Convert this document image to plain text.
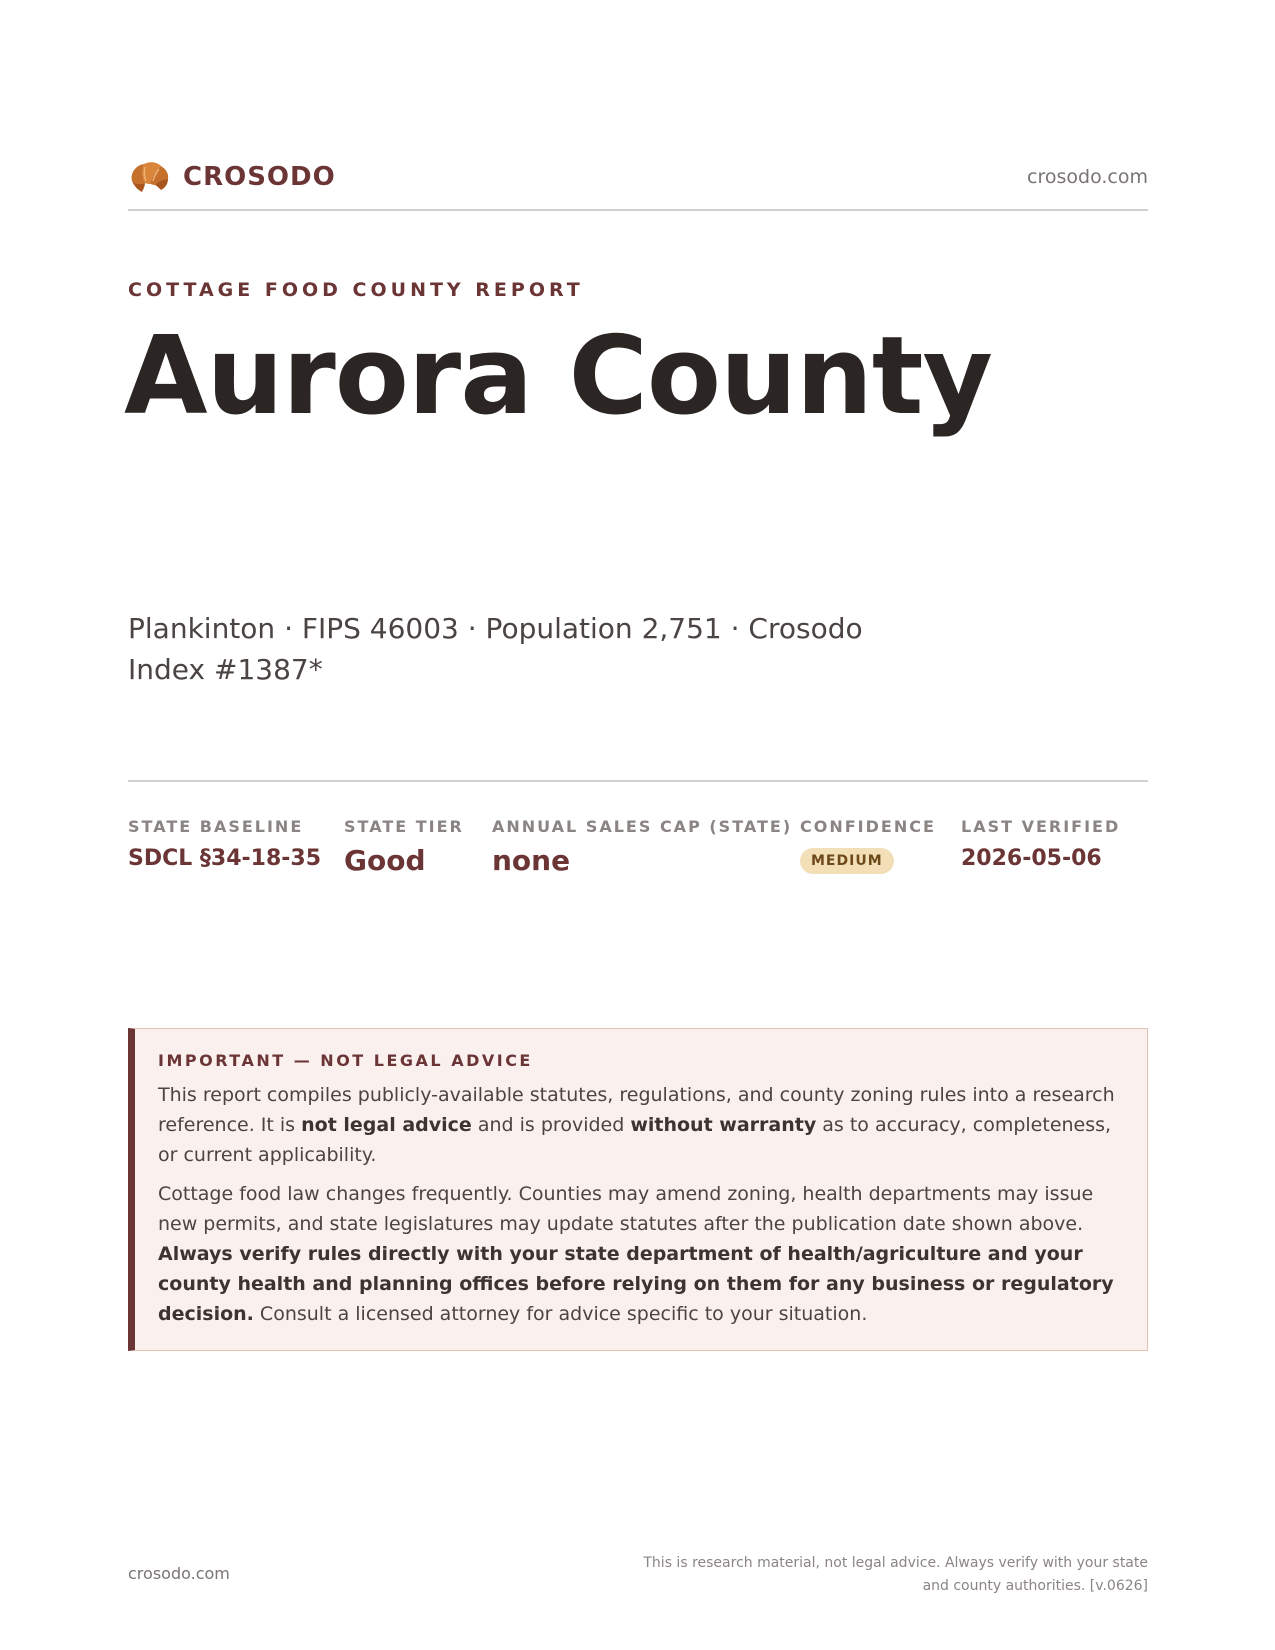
CROSODO	crosodo.com
COTTAGE FOOD COUNTY REPORT
Aurora County
Plankinton · FIPS 46003 · Population 2,751 · Crosodo Index #1387*
STATE BASELINE
SDCL §34-18-35
STATE TIER
Good
ANNUAL SALES CAP (STATE)
none
CONFIDENCE
MEDIUM
LAST VERIFIED
2026-05-06
IMPORTANT — NOT LEGAL ADVICE

This report compiles publicly-available statutes, regulations, and county zoning rules into a research reference. It is not legal advice and is provided without warranty as to accuracy, completeness, or current applicability.

Cottage food law changes frequently. Counties may amend zoning, health departments may issue new permits, and state legislatures may update statutes after the publication date shown above. Always verify rules directly with your state department of health/agriculture and your county health and planning offices before relying on them for any business or regulatory decision. Consult a licensed attorney for advice specific to your situation.

crosodo.com
This is research material, not legal advice. Always verify with your state
and county authorities. [v.0626]
